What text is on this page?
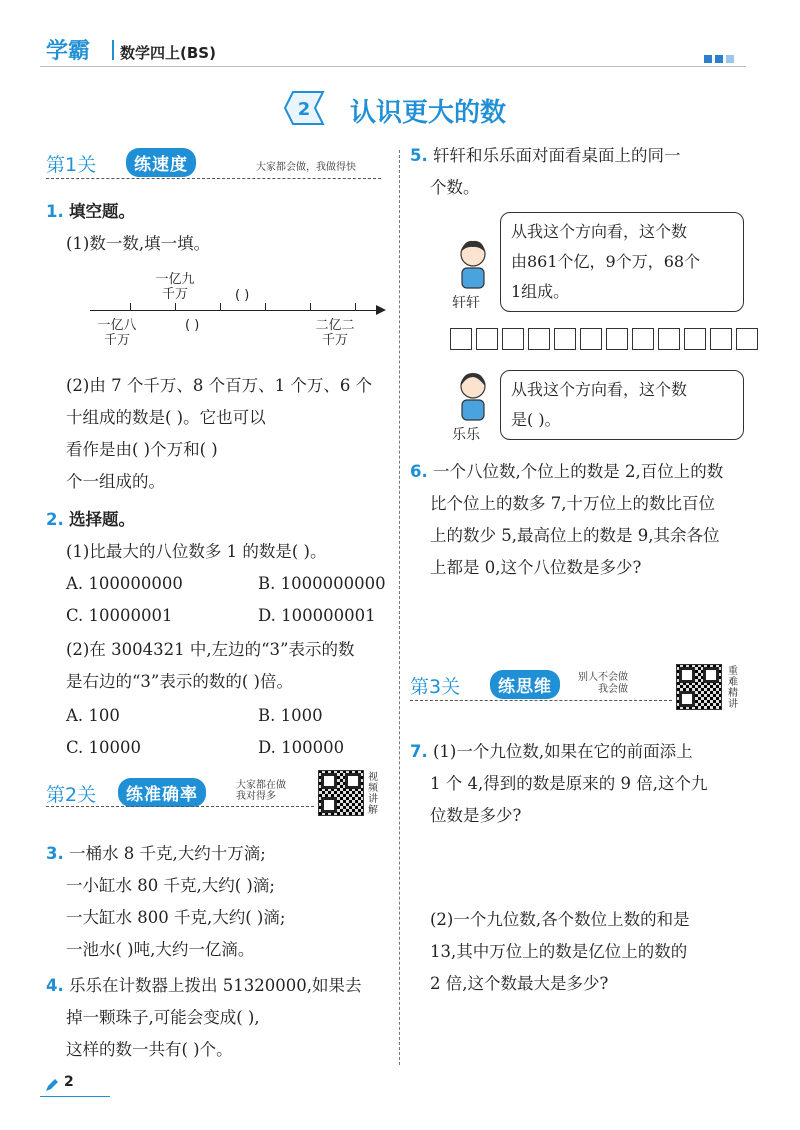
学霸 数学四上(BS)
2 认识更大的数
第1关	练速度	大家都会做，我做得快
1. 填空题。
(1)数一数,填一填。
一亿九
千万	( )
一亿八
千万
( )	二亿二
千万
(2)由 7 个千万、8 个百万、1 个万、6 个
十组成的数是( )。它也可以
看作是由( )个万和( )
个一组成的。
2. 选择题。
(1)比最大的八位数多 1 的数是( )。
A. 100000000	B. 1000000000
C. 10000001	D. 100000001
(2)在 3004321 中,左边的“3”表示的数
是右边的“3”表示的数的( )倍。
A. 100	B. 1000
C. 10000	D. 100000
第2关	练准确率	大家都在做
我对得多
视频讲解
3. 一桶水 8 千克,大约十万滴;
一小缸水 80 千克,大约( )滴;
一大缸水 800 千克,大约( )滴;
一池水( )吨,大约一亿滴。
4. 乐乐在计数器上拨出 51320000,如果去
掉一颗珠子,可能会变成( ),
这样的数一共有( )个。
5. 轩轩和乐乐面对面看桌面上的同一
个数。
轩轩
从我这个方向看，这个数
由861个亿，9个万，68个
1组成。
乐乐
从我这个方向看，这个数
是( )。
6. 一个八位数,个位上的数是 2,百位上的数
比个位上的数多 7,十万位上的数比百位
上的数少 5,最高位上的数是 9,其余各位
上都是 0,这个八位数是多少?
第3关	练思维	别人不会做
我会做
重难精讲
7. (1)一个九位数,如果在它的前面添上
1 个 4,得到的数是原来的 9 倍,这个九
位数是多少?
(2)一个九位数,各个数位上数的和是
13,其中万位上的数是亿位上的数的
2 倍,这个数最大是多少?
2
